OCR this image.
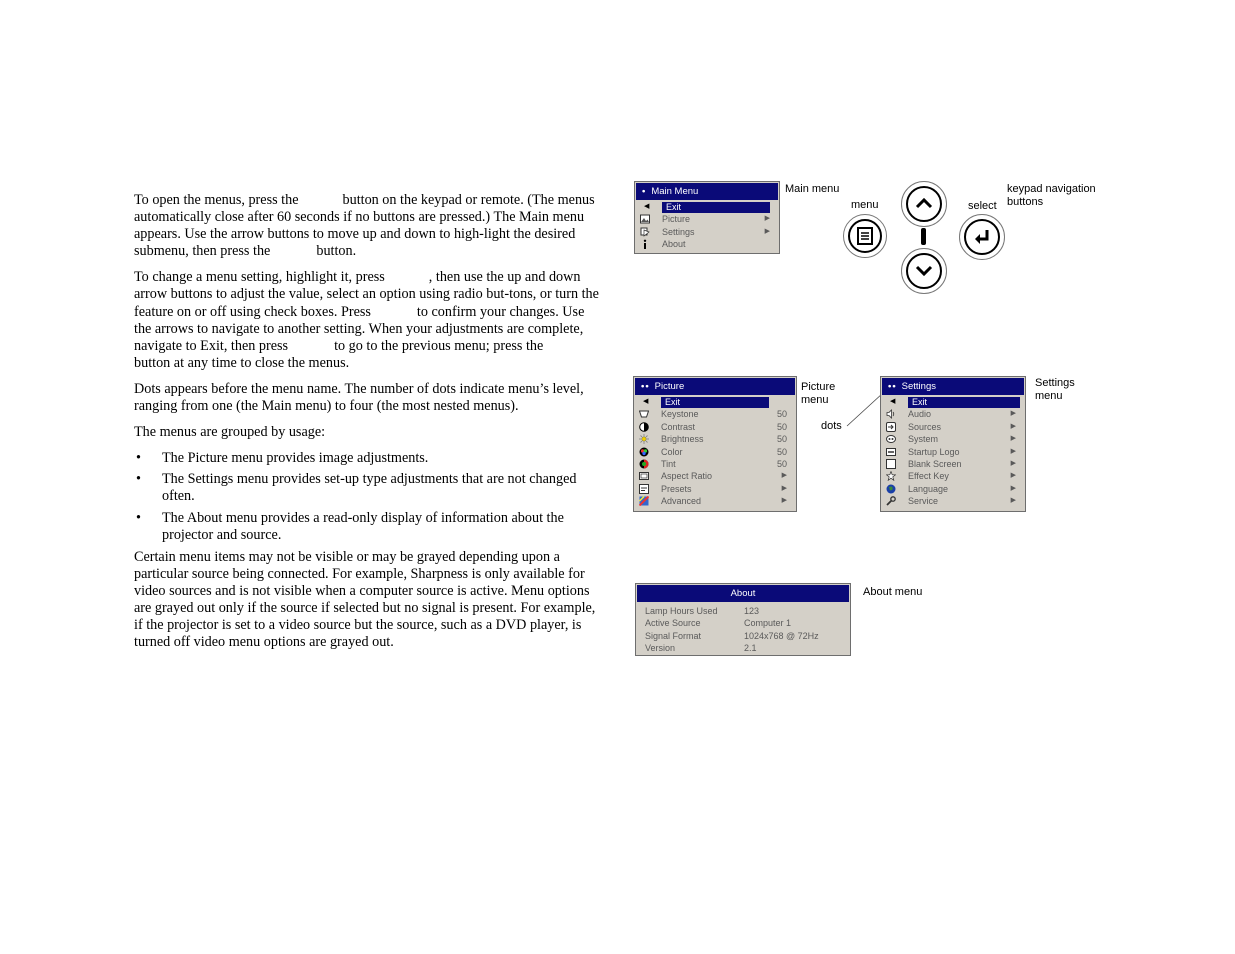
To open the menus, press the	button on the keypad or remote. (The menus automatically close after 60 seconds if no buttons are pressed.) The Main menu appears. Use the arrow buttons to move up and down to high-light the desired submenu, then press the	button.

To change a menu setting, highlight it, press	, then use the up and down arrow buttons to adjust the value, select an option using radio but-tons, or turn the feature on or off using check boxes. Press	to confirm your changes. Use the arrows to navigate to another setting. When your adjustments are complete, navigate to Exit, then press	to go to the previous menu; press thebutton at any time to close the menus.

Dots appears before the menu name. The number of dots indicate menu’s level, ranging from one (the Main menu) to four (the most nested menus).

The menus are grouped by usage:

• The Picture menu provides image adjustments.
• The Settings menu provides set-up type adjustments that are not changed often.
• The About menu provides a read-only display of information about the projector and source.

Certain menu items may not be visible or may be grayed depending upon a particular source being connected. For example, Sharpness is only available for video sources and is not visible when a computer source is active. Menu options are grayed out only if the source if selected but no signal is present. For example, if the projector is set to a video source but the source, such as a DVD player, is turned off video menu options are grayed out.

• Main Menu
◀	Exit
Picture	▶
Settings	▶
About
Main menu
menu	select
keypad navigation buttons
•• Picture
◀	Exit
Keystone	50
Contrast	50
Brightness	50
Color	50
Tint	50
Aspect Ratio	▶
Presets	▶
Advanced	▶
Picture menu
dots
•• Settings
◀	Exit
Audio	▶
Sources	▶
System	▶
Startup Logo	▶
Blank Screen	▶
Effect Key	▶
Language	▶
Service	▶
Settings menu
About
Lamp Hours Used	123
Active Source	Computer 1
Signal Format	1024x768 @ 72Hz
Version	2.1
About menu
